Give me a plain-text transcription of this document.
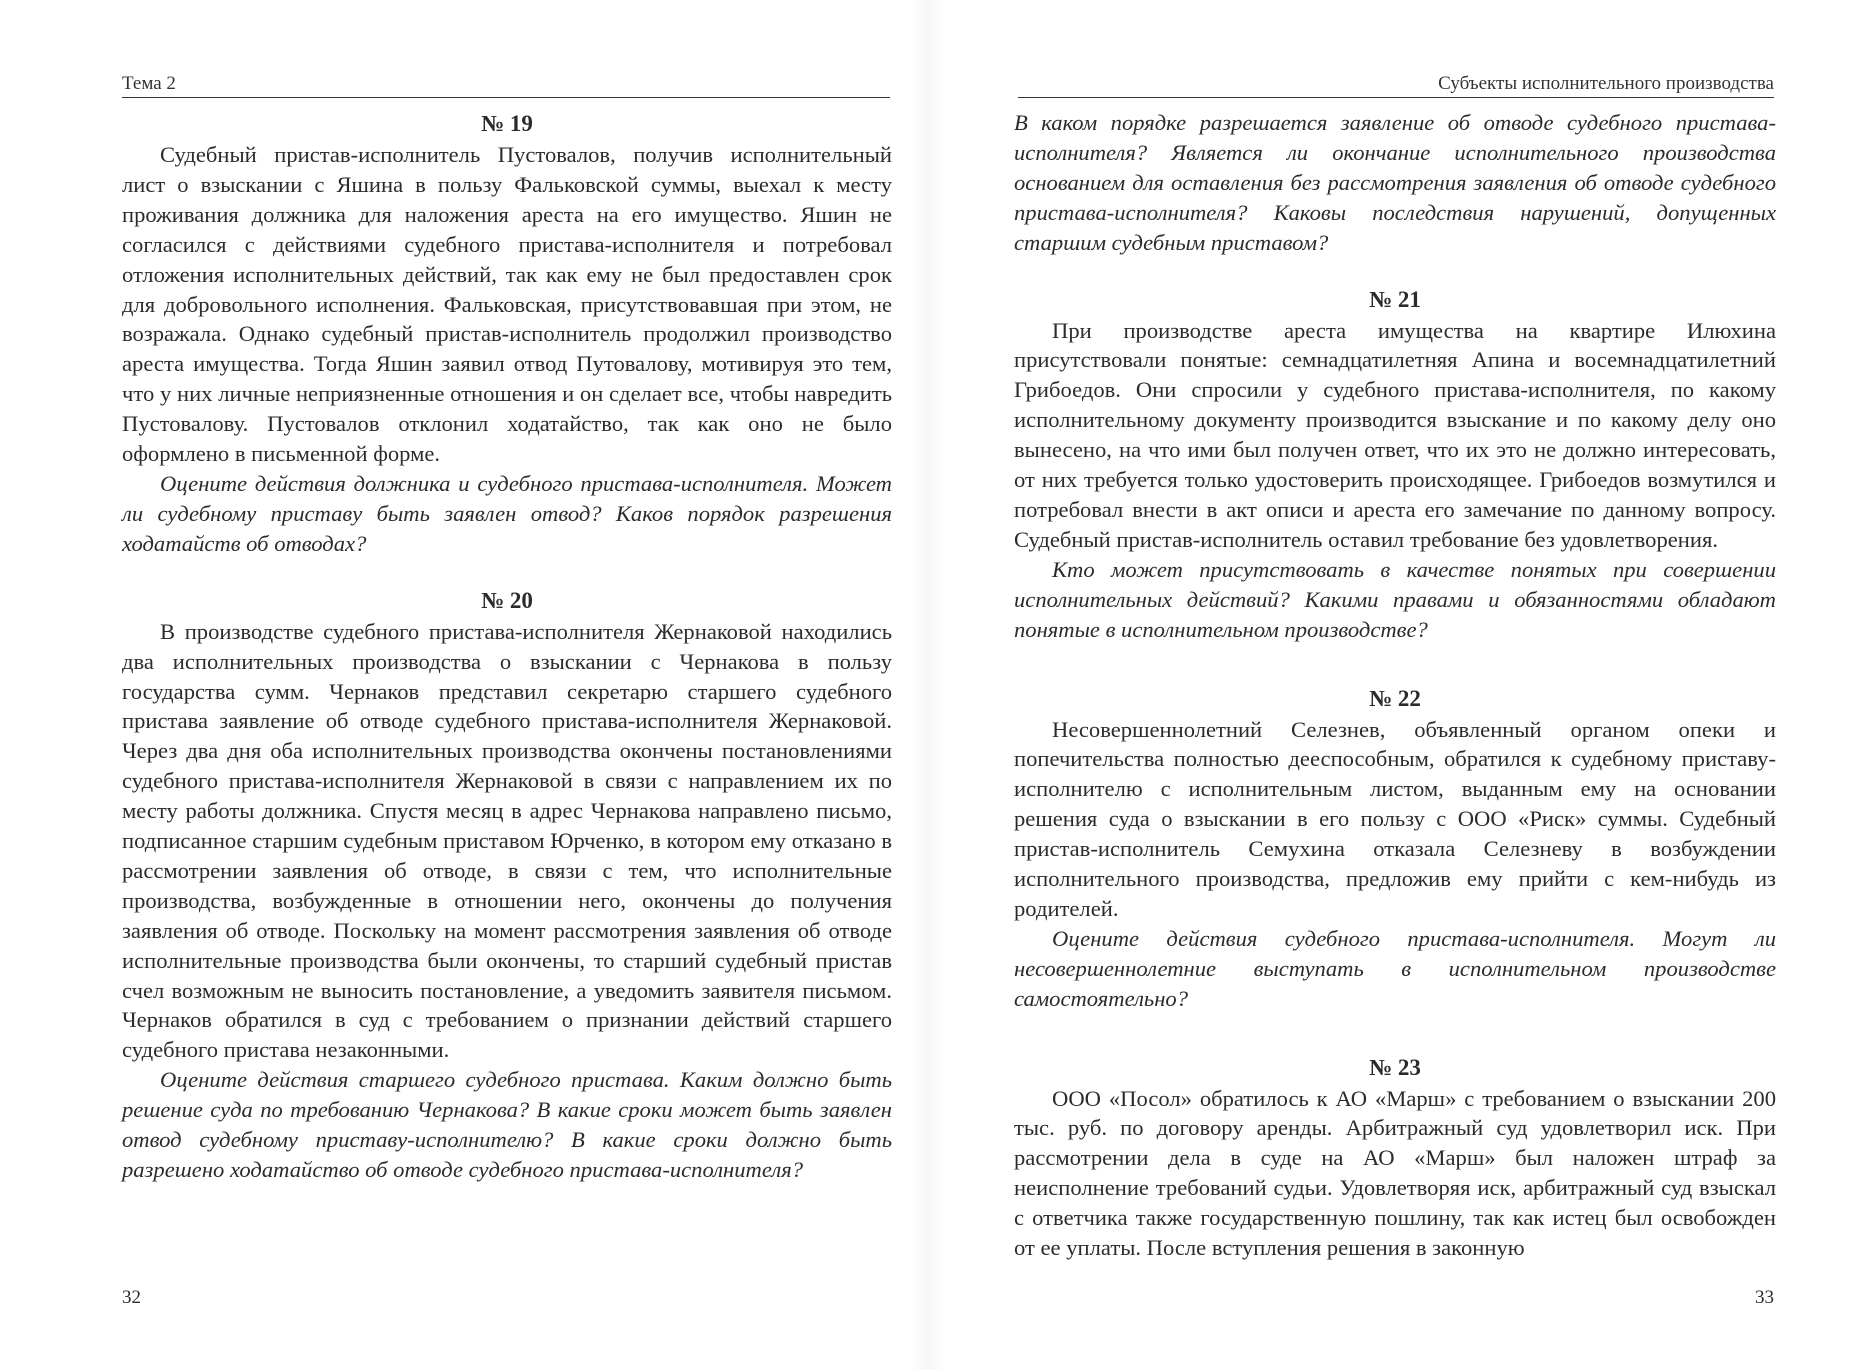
Тема 2
№ 19

Судебный пристав-исполнитель Пустовалов, получив исполнительный лист о взыскании с Яшина в пользу Фальковской суммы, выехал к месту проживания должника для наложения ареста на его имущество. Яшин не согласился с действиями судебного пристава-исполнителя и потребовал отложения исполнительных действий, так как ему не был предоставлен срок для добровольного исполнения. Фальковская, присутствовавшая при этом, не возражала. Однако судебный пристав-исполнитель продолжил производство ареста имущества. Тогда Яшин заявил отвод Путовалову, мотивируя это тем, что у них личные неприязненные отношения и он сделает все, чтобы навредить Пустовалову. Пустовалов отклонил ходатайство, так как оно не было оформлено в письменной форме.

Оцените действия должника и судебного пристава-исполнителя. Может ли судебному приставу быть заявлен отвод? Каков порядок разрешения ходатайств об отводах?

№ 20

В производстве судебного пристава-исполнителя Жернаковой находились два исполнительных производства о взыскании с Чернакова в пользу государства сумм. Чернаков представил секретарю старшего судебного пристава заявление об отводе судебного пристава-исполнителя Жернаковой. Через два дня оба исполнительных производства окончены постановлениями судебного пристава-исполнителя Жернаковой в связи с направлением их по месту работы должника. Спустя месяц в адрес Чернакова направлено письмо, подписанное старшим судебным приставом Юрченко, в котором ему отказано в рассмотрении заявления об отводе, в связи с тем, что исполнительные производства, возбужденные в отношении него, окончены до получения заявления об отводе. Поскольку на момент рассмотрения заявления об отводе исполнительные производства были окончены, то старший судебный пристав счел возможным не выносить постановление, а уведомить заявителя письмом. Чернаков обратился в суд с требованием о признании действий старшего судебного пристава незаконными.

Оцените действия старшего судебного пристава. Каким должно быть решение суда по требованию Чернакова? В какие сроки может быть заявлен отвод судебному приставу-исполнителю? В какие сроки должно быть разрешено ходатайство об отводе судебного пристава-исполнителя?

32
Субъекты исполнительного производства

В каком порядке разрешается заявление об отводе судебного пристава-исполнителя? Является ли окончание исполнительного производства основанием для оставления без рассмотрения заявления об отводе судебного пристава-исполнителя? Каковы последствия нарушений, допущенных старшим судебным приставом?

№ 21

При производстве ареста имущества на квартире Илюхина присутствовали понятые: семнадцатилетняя Апина и восемнадцатилетний Грибоедов. Они спросили у судебного пристава-исполнителя, по какому исполнительному документу производится взыскание и по какому делу оно вынесено, на что ими был получен ответ, что их это не должно интересовать, от них требуется только удостоверить происходящее. Грибоедов возмутился и потребовал внести в акт описи и ареста его замечание по данному вопросу. Судебный пристав-исполнитель оставил требование без удовлетворения.

Кто может присутствовать в качестве понятых при совершении исполнительных действий? Какими правами и обязанностями обладают понятые в исполнительном производстве?

№ 22

Несовершеннолетний Селезнев, объявленный органом опеки и попечительства полностью дееспособным, обратился к судебному приставу-исполнителю с исполнительным листом, выданным ему на основании решения суда о взыскании в его пользу с ООО «Риск» суммы. Судебный пристав-исполнитель Семухина отказала Селезневу в возбуждении исполнительного производства, предложив ему прийти с кем-нибудь из родителей.

Оцените действия судебного пристава-исполнителя. Могут ли несовершеннолетние выступать в исполнительном производстве самостоятельно?

№ 23

ООО «Посол» обратилось к АО «Марш» с требованием о взыскании 200 тыс. руб. по договору аренды. Арбитражный суд удовлетворил иск. При рассмотрении дела в суде на АО «Марш» был наложен штраф за неисполнение требований судьи. Удовлетворяя иск, арбитражный суд взыскал с ответчика также государственную пошлину, так как истец был освобожден от ее уплаты. После вступления решения в законную

33
